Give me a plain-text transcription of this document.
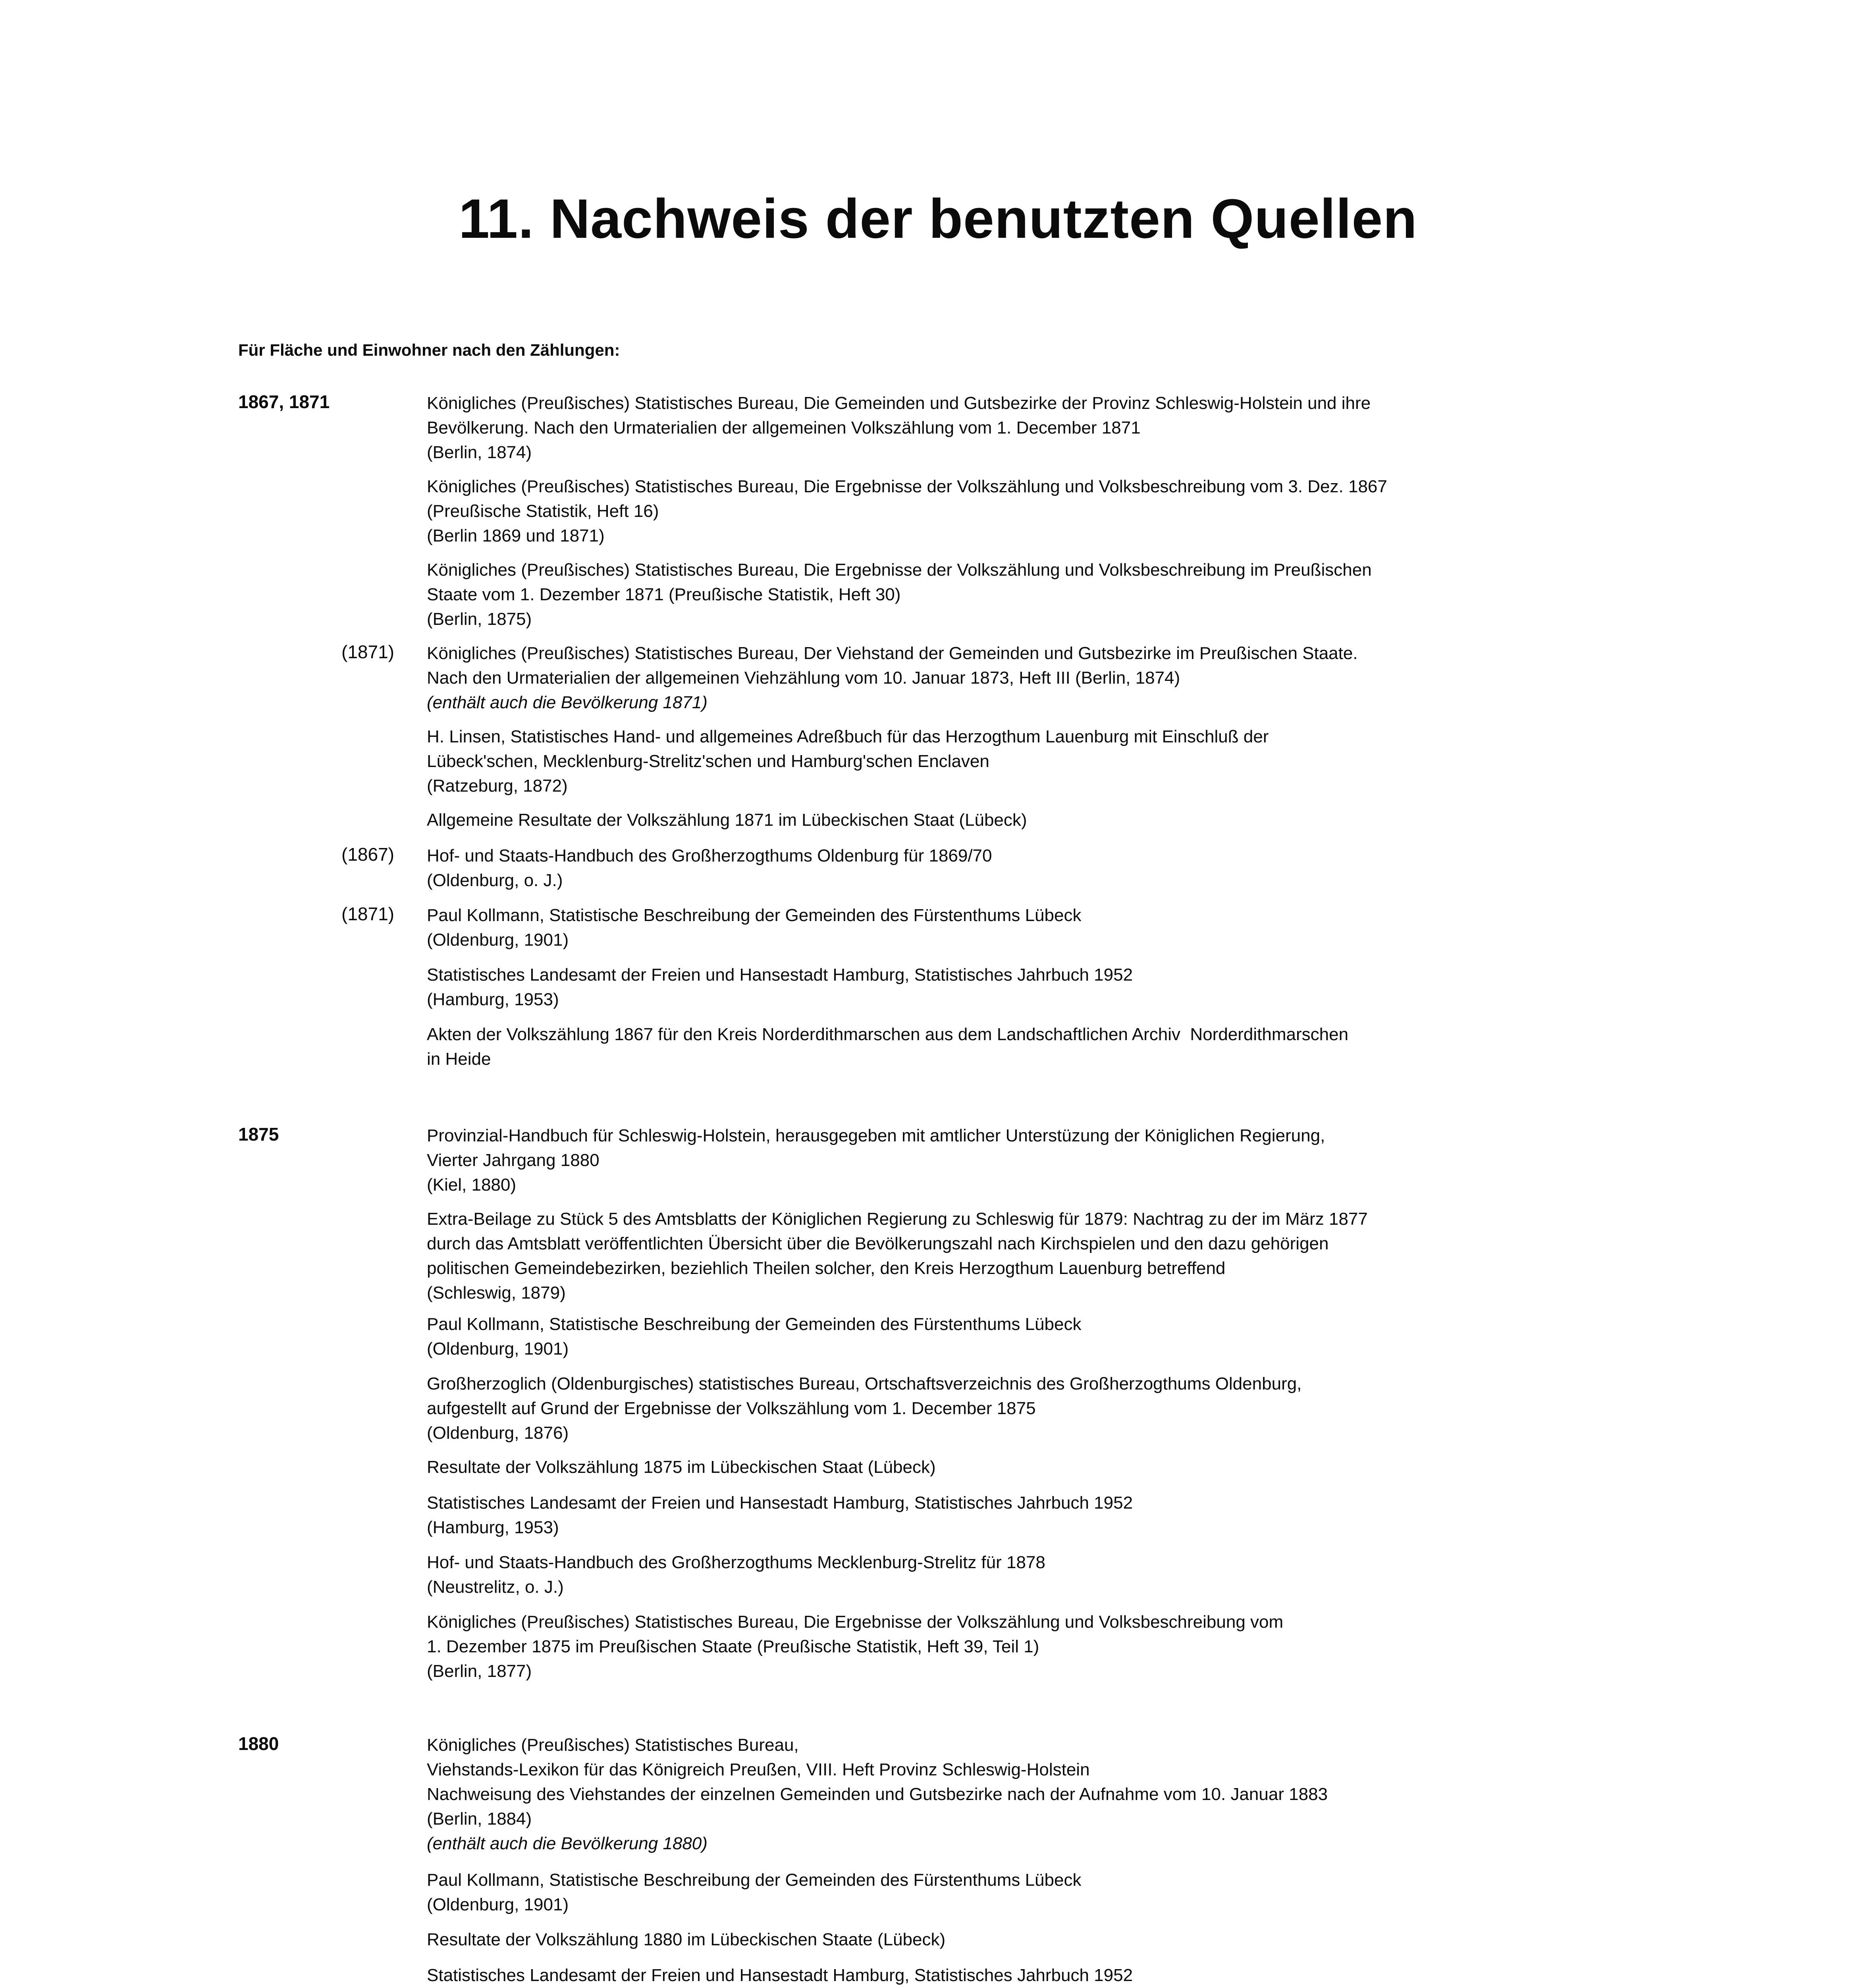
11. Nachweis der benutzten Quellen
Für Fläche und Einwohner nach den Zählungen:
1867, 1871
1875
1880
(1871)
(1867)
(1871)
Königliches (Preußisches) Statistisches Bureau, Die Gemeinden und Gutsbezirke der Provinz Schleswig-Holstein und ihre
Bevölkerung. Nach den Urmaterialien der allgemeinen Volkszählung vom 1. December 1871
(Berlin, 1874)
Königliches (Preußisches) Statistisches Bureau, Die Ergebnisse der Volkszählung und Volksbeschreibung vom 3. Dez. 1867
(Preußische Statistik, Heft 16)
(Berlin 1869 und 1871)
Königliches (Preußisches) Statistisches Bureau, Die Ergebnisse der Volkszählung und Volksbeschreibung im Preußischen
Staate vom 1. Dezember 1871 (Preußische Statistik, Heft 30)
(Berlin, 1875)
Königliches (Preußisches) Statistisches Bureau, Der Viehstand der Gemeinden und Gutsbezirke im Preußischen Staate.
Nach den Urmaterialien der allgemeinen Viehzählung vom 10. Januar 1873, Heft III (Berlin, 1874)
(enthält auch die Bevölkerung 1871)
H. Linsen, Statistisches Hand- und allgemeines Adreßbuch für das Herzogthum Lauenburg mit Einschluß der
Lübeck'schen, Mecklenburg-Strelitz'schen und Hamburg'schen Enclaven
(Ratzeburg, 1872)
Allgemeine Resultate der Volkszählung 1871 im Lübeckischen Staat (Lübeck)
Hof- und Staats-Handbuch des Großherzogthums Oldenburg für 1869/70
(Oldenburg, o. J.)
Paul Kollmann, Statistische Beschreibung der Gemeinden des Fürstenthums Lübeck
(Oldenburg, 1901)
Statistisches Landesamt der Freien und Hansestadt Hamburg, Statistisches Jahrbuch 1952
(Hamburg, 1953)
Akten der Volkszählung 1867 für den Kreis Norderdithmarschen aus dem Landschaftlichen Archiv  Norderdithmarschen
in Heide
Provinzial-Handbuch für Schleswig-Holstein, herausgegeben mit amtlicher Unterstüzung der Königlichen Regierung,
Vierter Jahrgang 1880
(Kiel, 1880)
Extra-Beilage zu Stück 5 des Amtsblatts der Königlichen Regierung zu Schleswig für 1879: Nachtrag zu der im März 1877
durch das Amtsblatt veröffentlichten Übersicht über die Bevölkerungszahl nach Kirchspielen und den dazu gehörigen
politischen Gemeindebezirken, beziehlich Theilen solcher, den Kreis Herzogthum Lauenburg betreffend
(Schleswig, 1879)
Paul Kollmann, Statistische Beschreibung der Gemeinden des Fürstenthums Lübeck
(Oldenburg, 1901)
Großherzoglich (Oldenburgisches) statistisches Bureau, Ortschaftsverzeichnis des Großherzogthums Oldenburg,
aufgestellt auf Grund der Ergebnisse der Volkszählung vom 1. December 1875
(Oldenburg, 1876)
Resultate der Volkszählung 1875 im Lübeckischen Staat (Lübeck)
Statistisches Landesamt der Freien und Hansestadt Hamburg, Statistisches Jahrbuch 1952
(Hamburg, 1953)
Hof- und Staats-Handbuch des Großherzogthums Mecklenburg-Strelitz für 1878
(Neustrelitz, o. J.)
Königliches (Preußisches) Statistisches Bureau, Die Ergebnisse der Volkszählung und Volksbeschreibung vom
1. Dezember 1875 im Preußischen Staate (Preußische Statistik, Heft 39, Teil 1)
(Berlin, 1877)
Königliches (Preußisches) Statistisches Bureau,
Viehstands-Lexikon für das Königreich Preußen, VIII. Heft Provinz Schleswig-Holstein
Nachweisung des Viehstandes der einzelnen Gemeinden und Gutsbezirke nach der Aufnahme vom 10. Januar 1883
(Berlin, 1884)
(enthält auch die Bevölkerung 1880)
Paul Kollmann, Statistische Beschreibung der Gemeinden des Fürstenthums Lübeck
(Oldenburg, 1901)
Resultate der Volkszählung 1880 im Lübeckischen Staate (Lübeck)
Statistisches Landesamt der Freien und Hansestadt Hamburg, Statistisches Jahrbuch 1952
